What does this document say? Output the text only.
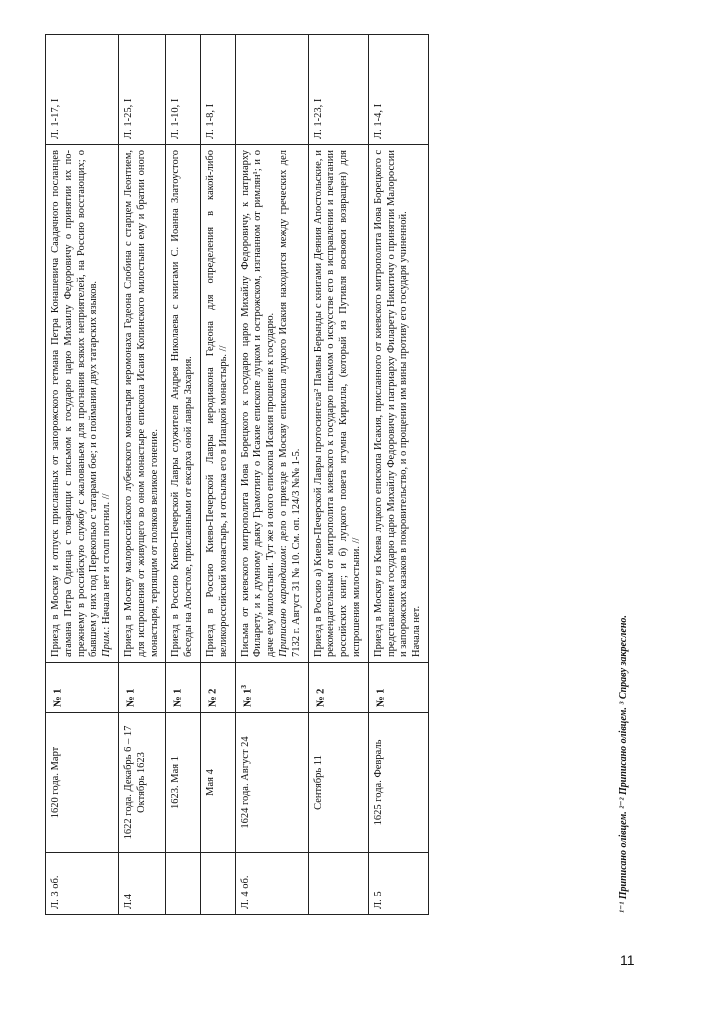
Л. 3 об.	1620 года. Март	№ 1	Приезд в Москву и отпуск присланных от запорожского гетмана Петра Конашевича Саадачного посланцев атамана Петра Одинца с товарищи с письмом к государю царю Михаилу Федоровичу о принятии их по-прежнему в российскую службу с жалованьем для прогнания всяких неприятелей, на Россию восстающих; о бывшем у них под Перекопью с татарами бое; и о поймании двух татарских языков. Прим.: Начала нет и столп погнил. //	Л. 1-17, I
Л.4	1622 года. Декабрь 6 – 17 Октябрь 1623	№ 1	Приезд в Москву малороссийского лубенского монастыря иеромонаха Гедеона Слобина с старцем Леонтием, для испрошения от живущего во оном монастыре епископа Исаия Копинского милостыни ему и братии оного монастыря, терпящим от поляков великое гонение.	Л. 1-25, I
	1623. Мая 1	№ 1	Приезд в Россию Киево-Печерской Лавры служителя Андрея Николаева с книгами С. Иоанна Златоустого беседы на Апостоле, присланными от ексарха оной лавры Захария.	Л. 1-10, I
	Мая 4	№ 2	Приезд в Россию Киево-Печерской Лавры иеродиакона Гедеона для определения в какой-либо великороссийский монастырь, и отсылка его в Ипацкой монастырь. //	Л. 1-8, I
Л. 4 об.	1624 года. Август 24	№ $1^3$	Письма от киевского митрополита Иова Борецкого к государю царю Михайлу Федоровичу, к патриарху Филарету, и к думному дьяку Грамотину о Исакие епископе луцком и острожском, изгнанном от римлян¹; и о даче ему милостыни. Тут же и оного епископа Исакия прошение к государю. Приписано карандашом: дело о приезде в Москву епископа луцкого Исакия находится между греческих дел 7132 г. Август 31 № 10. См. оп. 124/3 №№ 1-5.	
	Сентябрь 11	№ 2	Приезд в Россию а) Киево-Печерской Лавры протосингела² Памвы Берынды с книгами Деяния Апостольские, и рекомендательным от митрополита киевского к государю письмом о искусстве его в исправлении и печатании российских книг; и б) луцкого повета игумна Кирилла, (который из Путивля восвояси возвращен) для испрошения милостыни. //	Л. 1-23, I
Л. 5	1625 года. Февраль	№ 1	Приезд в Москву из Киева луцкого епископа Исакия, присланного от киевского митрополита Иова Борецкого с представлением государю царю Михайлу Федоровичу и патриарху Филарету Никитичу о принятии Малороссии и запорожских казаков в покровительство, и о прощении им вины противу его государя учиненной. Начала нет.	Л. 1-4, I
¹⁻¹ Приписано олівцем. ²⁻² Приписано олівцем. ³ Справу закреслено.
11
